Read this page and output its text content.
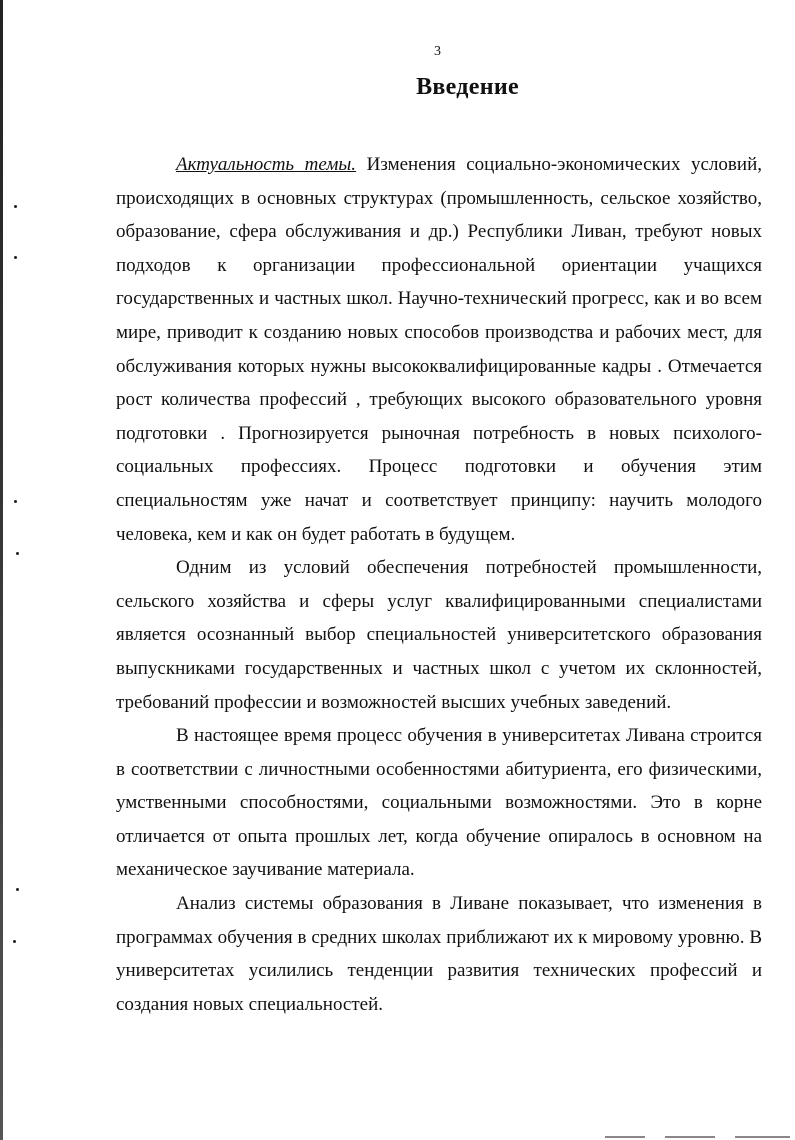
3
Введение

Актуальность темы. Изменения социально-экономических условий, происходящих в основных структурах (промышленность, сельское хозяйство, образование, сфера обслуживания и др.) Республики Ливан, требуют новых подходов к организации профессиональной ориентации учащихся государственных и частных школ. Научно-технический прогресс, как и во всем мире, приводит к созданию новых способов производства и рабочих мест, для обслуживания которых нужны высококвалифицированные кадры . Отмечается рост количества профессий , требующих высокого образовательного уровня подготовки . Прогнозируется рыночная потребность в новых психолого-социальных профессиях. Процесс подготовки и обучения этим специальностям уже начат и соответствует принципу: научить молодого человека, кем и как он будет работать в будущем.

Одним из условий обеспечения потребностей промышленности, сельского хозяйства и сферы услуг квалифицированными специалистами является осознанный выбор специальностей университетского образования выпускниками государственных и частных школ с учетом их склонностей, требований профессии и возможностей высших учебных заведений.

В настоящее время процесс обучения в университетах Ливана строится в соответствии с личностными особенностями абитуриента, его физическими, умственными способностями, социальными возможностями. Это в корне отличается от опыта прошлых лет, когда обучение опиралось в основном на механическое заучивание материала.

Анализ системы образования в Ливане показывает, что изменения в программах обучения в средних школах приближают их к мировому уровню. В университетах усилились тенденции развития технических профессий и создания новых специальностей.
